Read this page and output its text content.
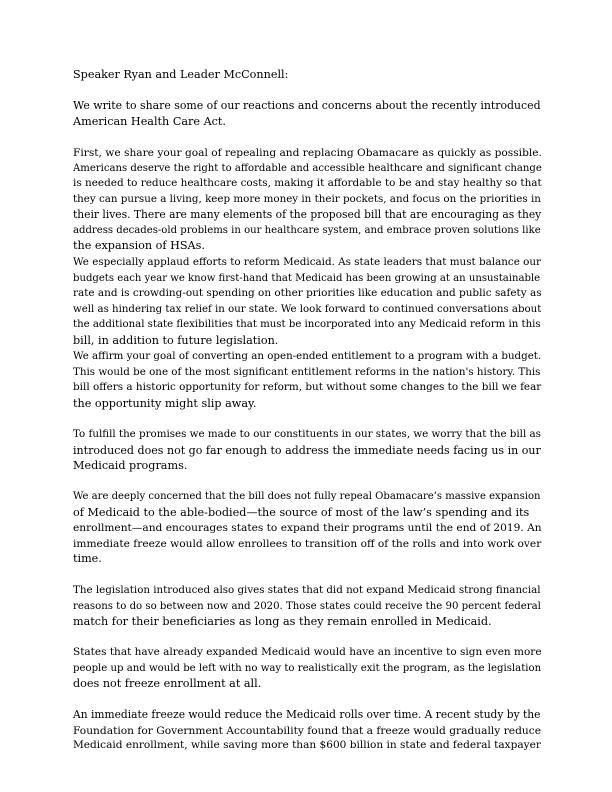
Speaker Ryan and Leader McConnell:
We write to share some of our reactions and concerns about the recently introduced
American Health Care Act.
First, we share your goal of repealing and replacing Obamacare as quickly as possible.
Americans deserve the right to affordable and accessible healthcare and significant change
is needed to reduce healthcare costs, making it affordable to be and stay healthy so that
they can pursue a living, keep more money in their pockets, and focus on the priorities in
their lives. There are many elements of the proposed bill that are encouraging as they
address decades-old problems in our healthcare system, and embrace proven solutions like
the expansion of HSAs.
We especially applaud efforts to reform Medicaid. As state leaders that must balance our
budgets each year we know first-hand that Medicaid has been growing at an unsustainable
rate and is crowding-out spending on other priorities like education and public safety as
well as hindering tax relief in our state. We look forward to continued conversations about
the additional state flexibilities that must be incorporated into any Medicaid reform in this
bill, in addition to future legislation.
We affirm your goal of converting an open-ended entitlement to a program with a budget.
This would be one of the most significant entitlement reforms in the nation's history. This
bill offers a historic opportunity for reform, but without some changes to the bill we fear
the opportunity might slip away.
To fulfill the promises we made to our constituents in our states, we worry that the bill as
introduced does not go far enough to address the immediate needs facing us in our
Medicaid programs.
We are deeply concerned that the bill does not fully repeal Obamacare’s massive expansion
of Medicaid to the able-bodied—the source of most of the law’s spending and its
enrollment—and encourages states to expand their programs until the end of 2019. An
immediate freeze would allow enrollees to transition off of the rolls and into work over
time.
The legislation introduced also gives states that did not expand Medicaid strong financial
reasons to do so between now and 2020. Those states could receive the 90 percent federal
match for their beneficiaries as long as they remain enrolled in Medicaid.
States that have already expanded Medicaid would have an incentive to sign even more
people up and would be left with no way to realistically exit the program, as the legislation
does not freeze enrollment at all.
An immediate freeze would reduce the Medicaid rolls over time. A recent study by the
Foundation for Government Accountability found that a freeze would gradually reduce
Medicaid enrollment, while saving more than $600 billion in state and federal taxpayer
